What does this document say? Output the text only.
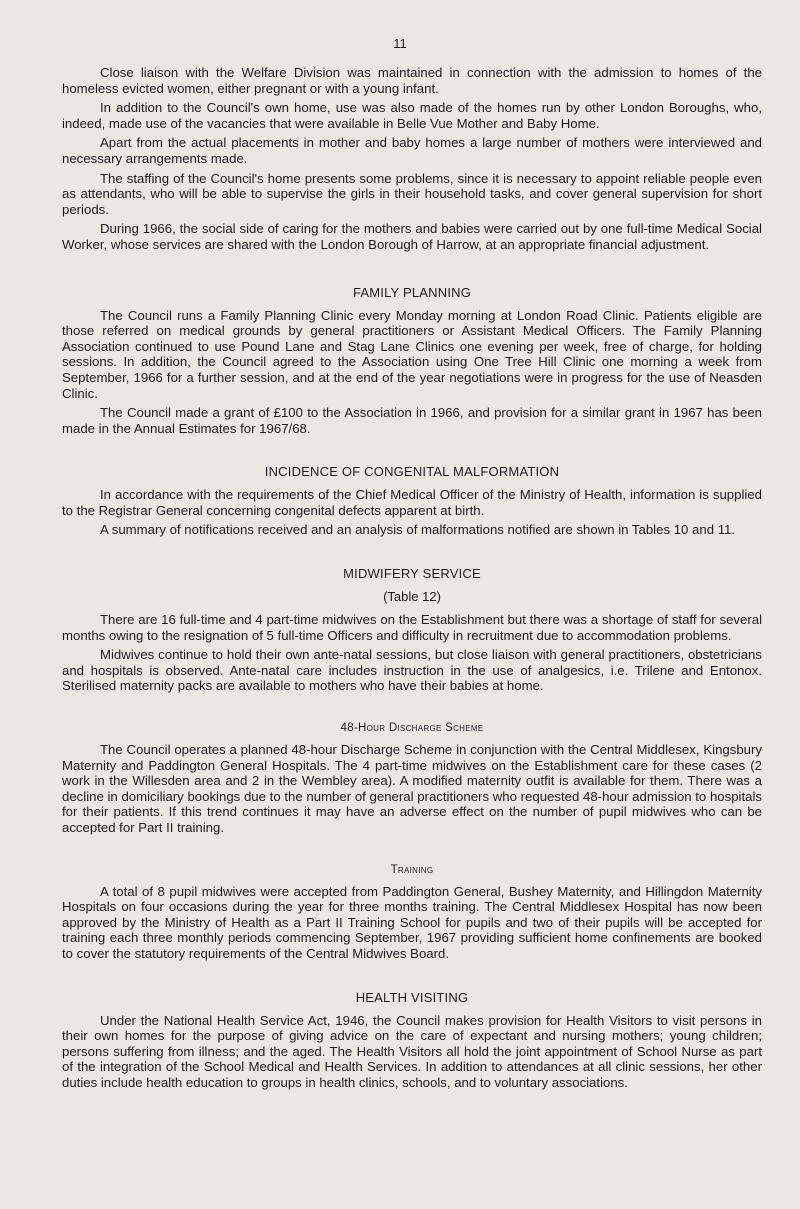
11

Close liaison with the Welfare Division was maintained in connection with the admission to homes of the homeless evicted women, either pregnant or with a young infant.

In addition to the Council's own home, use was also made of the homes run by other London Boroughs, who, indeed, made use of the vacancies that were available in Belle Vue Mother and Baby Home.

Apart from the actual placements in mother and baby homes a large number of mothers were interviewed and necessary arrangements made.

The staffing of the Council's home presents some problems, since it is necessary to appoint reliable people even as attendants, who will be able to supervise the girls in their household tasks, and cover general supervision for short periods.

During 1966, the social side of caring for the mothers and babies were carried out by one full-time Medical Social Worker, whose services are shared with the London Borough of Harrow, at an appropriate financial adjustment.

FAMILY PLANNING

The Council runs a Family Planning Clinic every Monday morning at London Road Clinic. Patients eligible are those referred on medical grounds by general practitioners or Assistant Medical Officers. The Family Planning Association continued to use Pound Lane and Stag Lane Clinics one evening per week, free of charge, for holding sessions. In addition, the Council agreed to the Association using One Tree Hill Clinic one morning a week from September, 1966 for a further session, and at the end of the year negotiations were in progress for the use of Neasden Clinic.

The Council made a grant of £100 to the Association in 1966, and provision for a similar grant in 1967 has been made in the Annual Estimates for 1967/68.

INCIDENCE OF CONGENITAL MALFORMATION

In accordance with the requirements of the Chief Medical Officer of the Ministry of Health, information is supplied to the Registrar General concerning congenital defects apparent at birth.

A summary of notifications received and an analysis of malformations notified are shown in Tables 10 and 11.

MIDWIFERY SERVICE
(Table 12)

There are 16 full-time and 4 part-time midwives on the Establishment but there was a shortage of staff for several months owing to the resignation of 5 full-time Officers and difficulty in recruitment due to accommodation problems.

Midwives continue to hold their own ante-natal sessions, but close liaison with general practitioners, obstetricians and hospitals is observed. Ante-natal care includes instruction in the use of analgesics, i.e. Trilene and Entonox. Sterilised maternity packs are available to mothers who have their babies at home.

48-Hour Discharge Scheme

The Council operates a planned 48-hour Discharge Scheme in conjunction with the Central Middlesex, Kingsbury Maternity and Paddington General Hospitals. The 4 part-time midwives on the Establishment care for these cases (2 work in the Willesden area and 2 in the Wembley area). A modified maternity outfit is available for them. There was a decline in domiciliary bookings due to the number of general practitioners who requested 48-hour admission to hospitals for their patients. If this trend continues it may have an adverse effect on the number of pupil midwives who can be accepted for Part II training.

Training

A total of 8 pupil midwives were accepted from Paddington General, Bushey Maternity, and Hillingdon Maternity Hospitals on four occasions during the year for three months training. The Central Middlesex Hospital has now been approved by the Ministry of Health as a Part II Training School for pupils and two of their pupils will be accepted for training each three monthly periods commencing September, 1967 providing sufficient home confinements are booked to cover the statutory requirements of the Central Midwives Board.

HEALTH VISITING

Under the National Health Service Act, 1946, the Council makes provision for Health Visitors to visit persons in their own homes for the purpose of giving advice on the care of expectant and nursing mothers; young children; persons suffering from illness; and the aged. The Health Visitors all hold the joint appointment of School Nurse as part of the integration of the School Medical and Health Services. In addition to attendances at all clinic sessions, her other duties include health education to groups in health clinics, schools, and to voluntary associations.
